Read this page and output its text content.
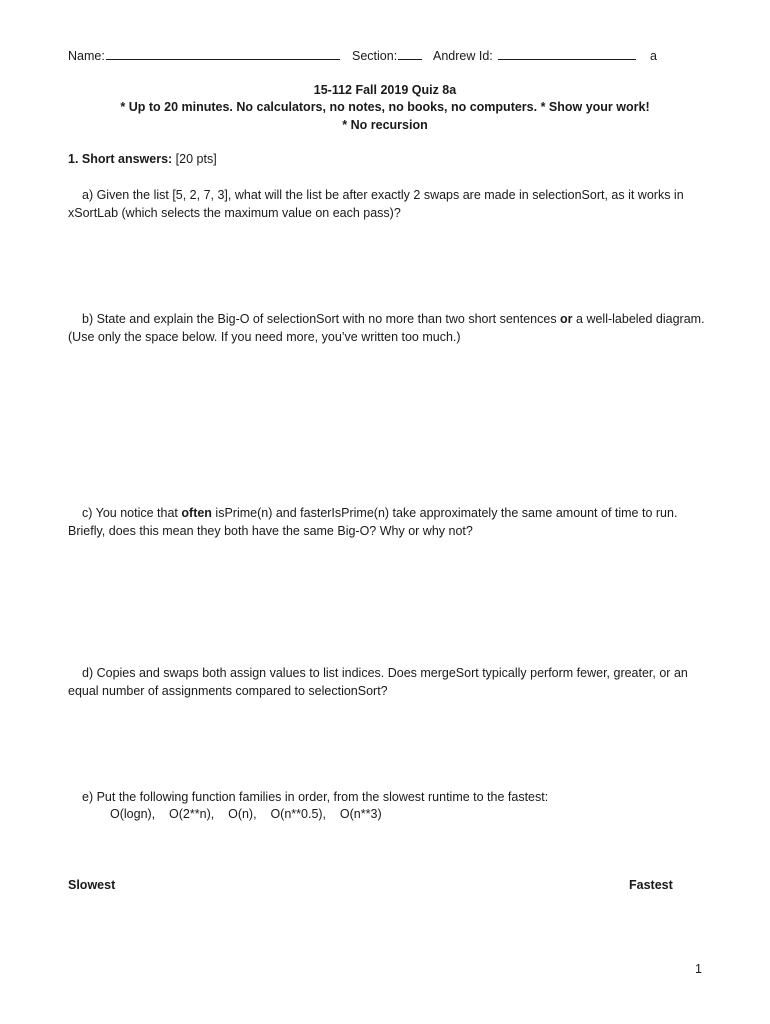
Name:	Section:	Andrew Id:	a
15-112 Fall 2019 Quiz 8a
* Up to 20 minutes. No calculators, no notes, no books, no computers. * Show your work!
* No recursion
1. Short answers: [20 pts]
a) Given the list [5, 2, 7, 3], what will the list be after exactly 2 swaps are made in selectionSort, as it works in xSortLab (which selects the maximum value on each pass)?
b) State and explain the Big-O of selectionSort with no more than two short sentences or a well-labeled diagram. (Use only the space below. If you need more, you’ve written too much.)
c) You notice that often isPrime(n) and fasterIsPrime(n) take approximately the same amount of time to run. Briefly, does this mean they both have the same Big-O? Why or why not?
d) Copies and swaps both assign values to list indices. Does mergeSort typically perform fewer, greater, or an equal number of assignments compared to selectionSort?
e) Put the following function families in order, from the slowest runtime to the fastest:
O(logn),    O(2**n),    O(n),    O(n**0.5),    O(n**3)
Slowest	Fastest
1
